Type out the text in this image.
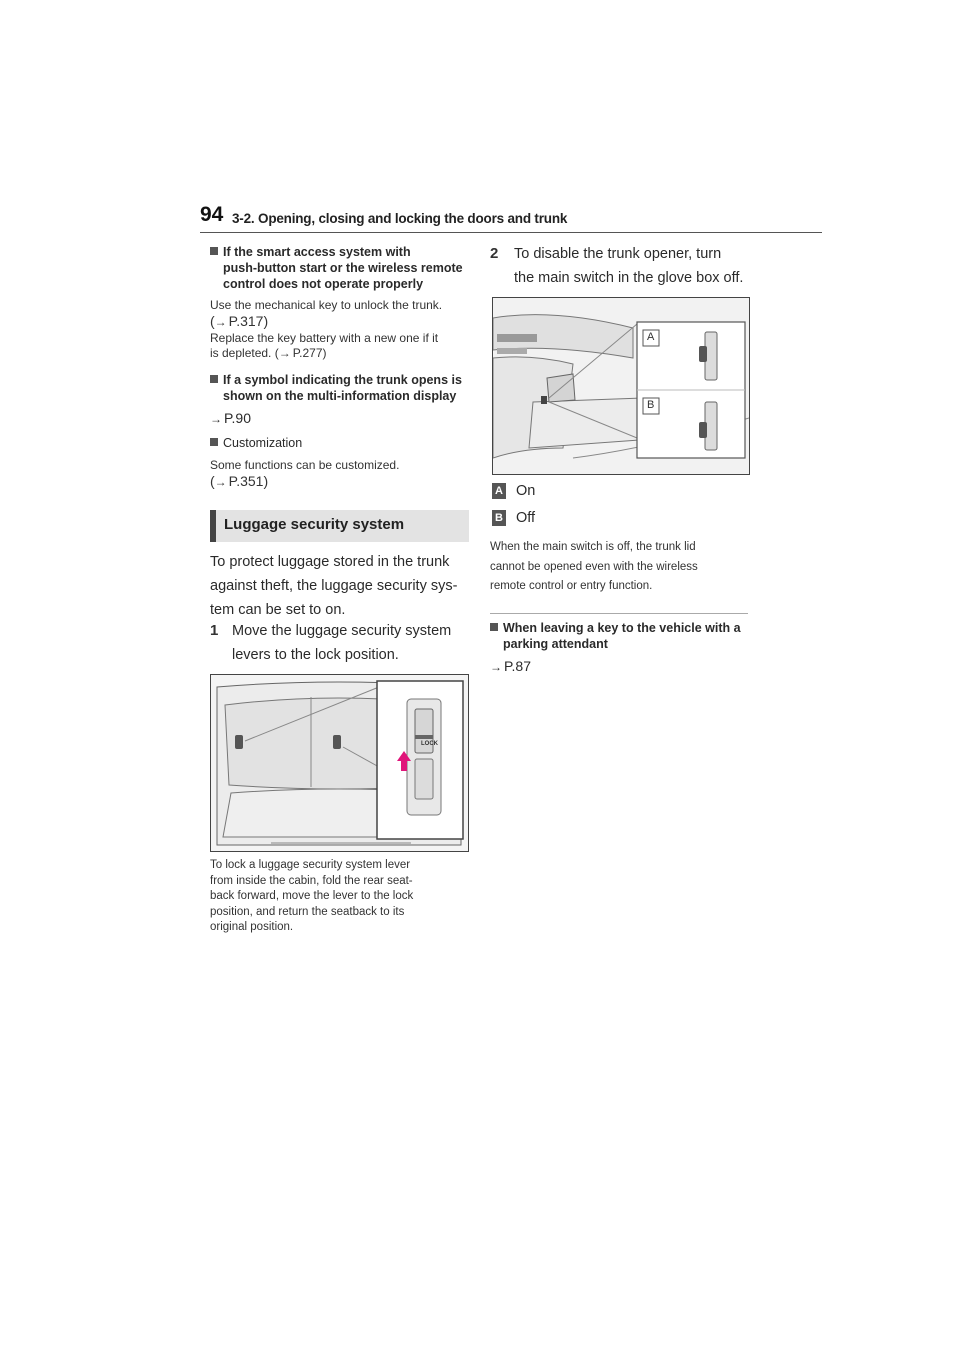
94 3-2. Opening, closing and locking the doors and trunk
If the smart access system with
push-button start or the wireless remote
control does not operate properly
Use the mechanical key to unlock the trunk.
(→ P.317)
Replace the key battery with a new one if it
is depleted. (→ P.277)
If a symbol indicating the trunk opens is
shown on the multi-information display
→ P.90
Customization
Some functions can be customized.
(→ P.351)
Luggage security system
To protect luggage stored in the trunk
against theft, the luggage security sys-
tem can be set to on.
1 Move the luggage security system

levers to the lock position.
LOCK
To lock a luggage security system lever
from inside the cabin, fold the rear seat-
back forward, move the lever to the lock
position, and return the seatback to its
original position.
2 To disable the trunk opener, turn
the main switch in the glove box off.
A
B
A On
B Off
When the main switch is off, the trunk lid
cannot be opened even with the wireless
remote control or entry function.
When leaving a key to the vehicle with a
parking attendant
→ P.87
